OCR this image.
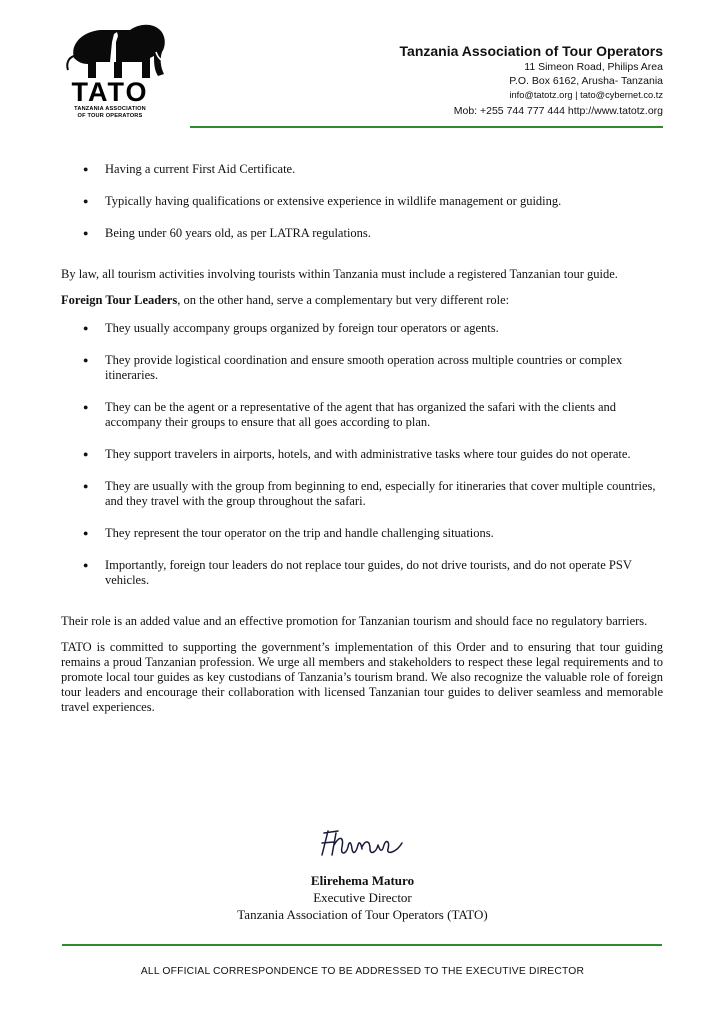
TATO
TANZANIA ASSOCIATION
OF TOUR OPERATORS
Tanzania Association of Tour Operators
11 Simeon Road, Philips Area
P.O. Box 6162, Arusha- Tanzania
info@tatotz.org | tato@cybernet.co.tz
Mob: +255 744 777 444 http://www.tatotz.org
● Having a current First Aid Certificate.
● Typically having qualifications or extensive experience in wildlife management or guiding.
● Being under 60 years old, as per LATRA regulations.
By law, all tourism activities involving tourists within Tanzania must include a registered Tanzanian tour guide.
Foreign Tour Leaders, on the other hand, serve a complementary but very different role:
● They usually accompany groups organized by foreign tour operators or agents.
● They provide logistical coordination and ensure smooth operation across multiple countries or complex itineraries.
● They can be the agent or a representative of the agent that has organized the safari with the clients and accompany their groups to ensure that all goes according to plan.
● They support travelers in airports, hotels, and with administrative tasks where tour guides do not operate.
● They are usually with the group from beginning to end, especially for itineraries that cover multiple countries, and they travel with the group throughout the safari.
● They represent the tour operator on the trip and handle challenging situations.
● Importantly, foreign tour leaders do not replace tour guides, do not drive tourists, and do not operate PSV vehicles.
Their role is an added value and an effective promotion for Tanzanian tourism and should face no regulatory barriers.
TATO is committed to supporting the government’s implementation of this Order and to ensuring that tour guiding remains a proud Tanzanian profession. We urge all members and stakeholders to respect these legal requirements and to promote local tour guides as key custodians of Tanzania’s tourism brand. We also recognize the valuable role of foreign tour leaders and encourage their collaboration with licensed Tanzanian tour guides to deliver seamless and memorable travel experiences.
Elirehema Maturo
Executive Director
Tanzania Association of Tour Operators (TATO)
ALL OFFICIAL CORRESPONDENCE TO BE ADDRESSED TO THE EXECUTIVE DIRECTOR
